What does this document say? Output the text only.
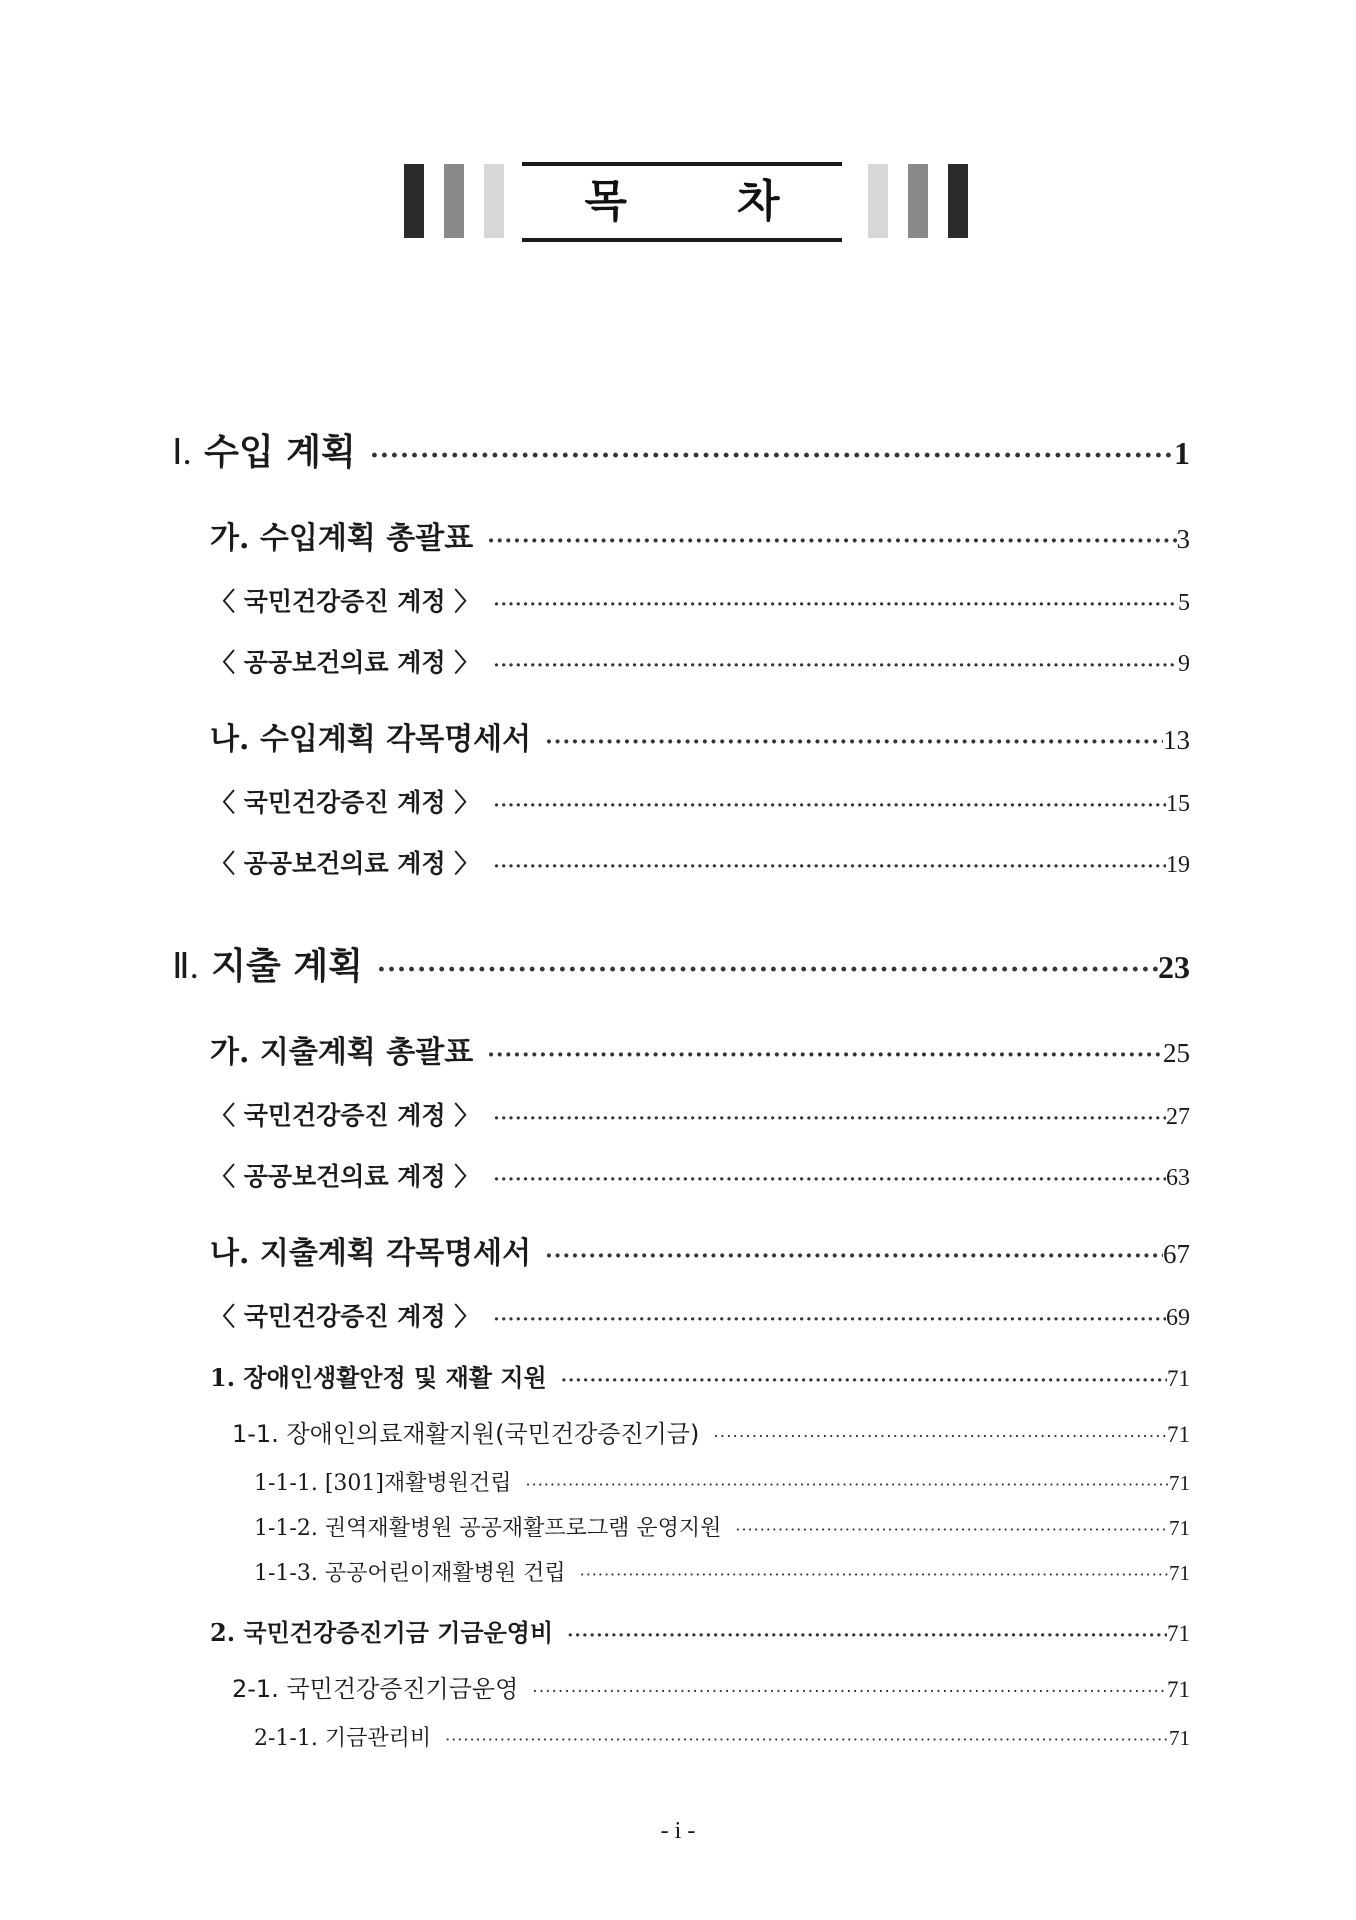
목	차
Ⅰ. 수입 계획 ·····	1
가. 수입계획 총괄표 ·····	3
〈 국민건강증진 계정 〉 ·····	5
〈 공공보건의료 계정 〉 ·····	9
나. 수입계획 각목명세서 ·····	13
〈 국민건강증진 계정 〉 ·····	15
〈 공공보건의료 계정 〉 ·····	19
Ⅱ. 지출 계획 ·····	23
가. 지출계획 총괄표 ·····	25
〈 국민건강증진 계정 〉 ·····	27
〈 공공보건의료 계정 〉 ·····	63
나. 지출계획 각목명세서 ·····	67
〈 국민건강증진 계정 〉 ·····	69
1. 장애인생활안정 및 재활 지원 ·····	71
1-1. 장애인의료재활지원(국민건강증진기금) ·····	71
1-1-1. [301]재활병원건립 ·····	71
1-1-2. 권역재활병원 공공재활프로그램 운영지원 ·····	71
1-1-3. 공공어린이재활병원 건립 ·····	71
2. 국민건강증진기금 기금운영비 ·····	71
2-1. 국민건강증진기금운영 ·····	71
2-1-1. 기금관리비 ·····	71
- i -
